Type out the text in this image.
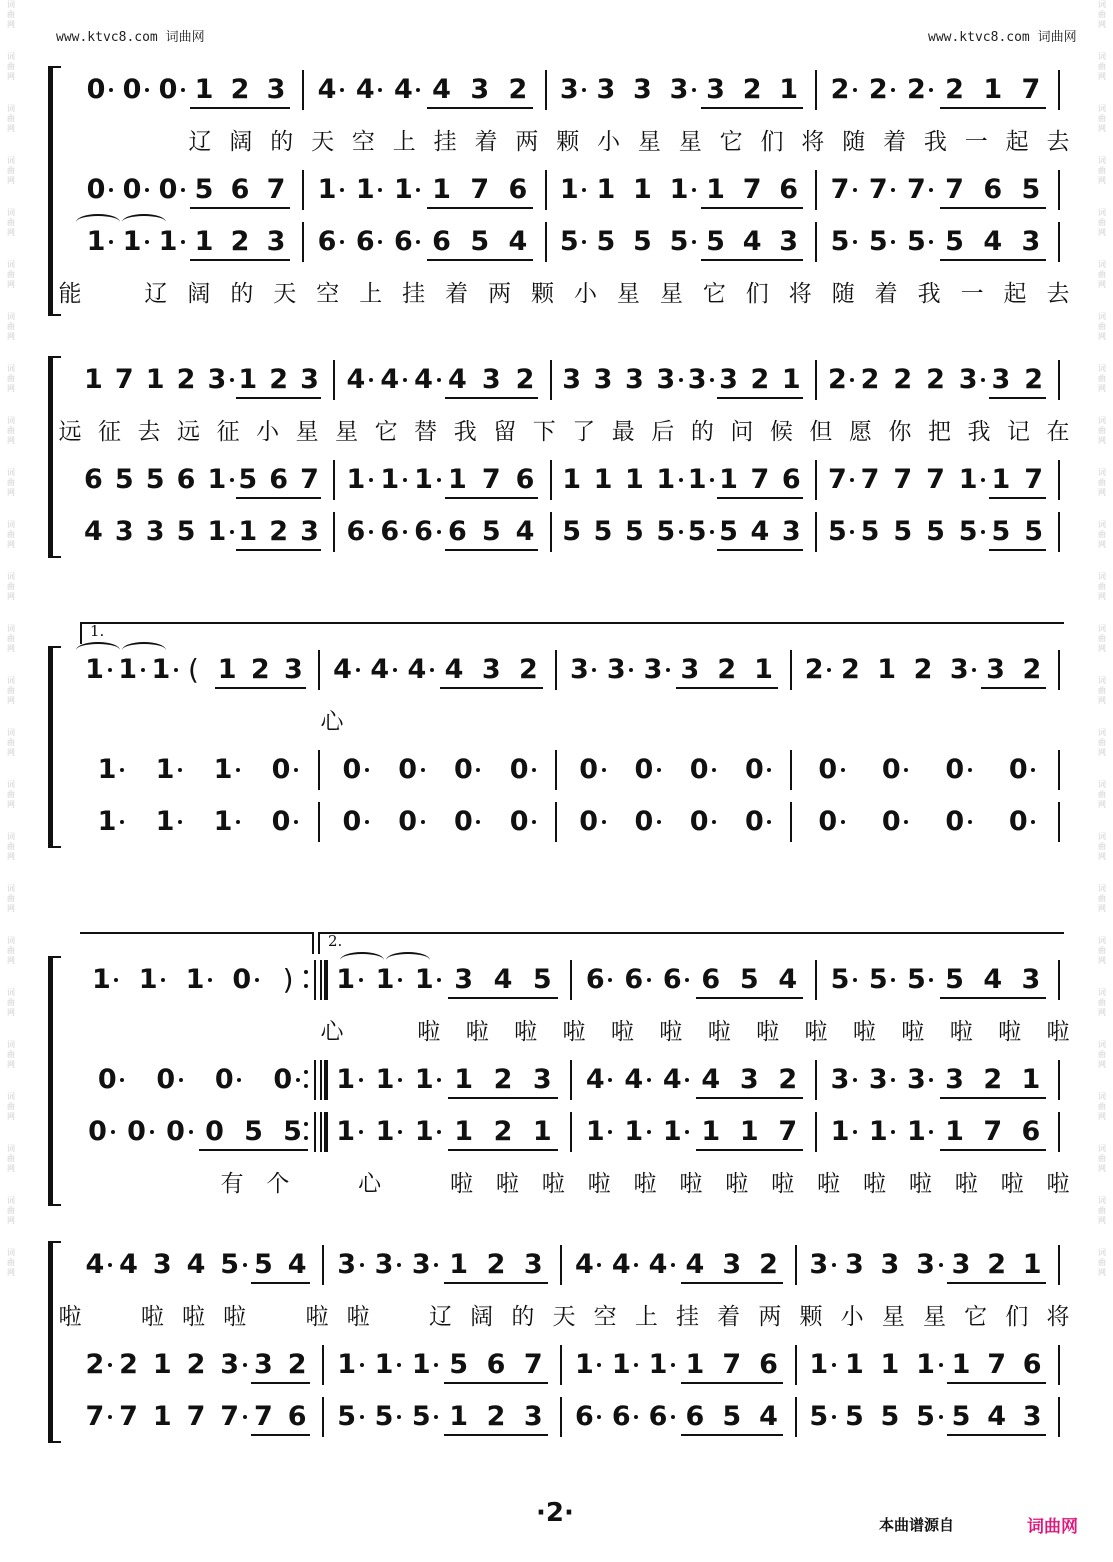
www.ktvc8.com 词曲网	www.ktvc8.com 词曲网
词
曲
网
词
曲
网
词
曲
网
词
曲
网
词
曲
网
词
曲
网
词
曲
网
词
曲
网
词
曲
网
词
曲
网
词
曲
网
词
曲
网
词
曲
网
词
曲
网
词
曲
网
词
曲
网
词
曲
网
词
曲
网
词
曲
网
词
曲
网
词
曲
网
词
曲
网
词
曲
网
词
曲
网
词
曲
网
词
曲
网
词
曲
网
词
曲
网
词
曲
网
词
曲
网
词
曲
网
词
曲
网
词
曲
网
词
曲
网
词
曲
网
词
曲
网
词
曲
网
词
曲
网
词
曲
网
词
曲
网
词
曲
网
词
曲
网
词
曲
网
词
曲
网
词
曲
网
词
曲
网
词
曲
网
词
曲
网
词
曲
网
词
曲
网
0 0 0 1 2 3 4 4 4 4 3 2 3 3 3 3 3 2 1 2 2 2 2 1 7
辽 阔 的 天 空 上 挂 着 两 颗 小 星 星 它 们 将 随 着 我 一 起 去
0 0 0 5 6 7 1 1 1 1 7 6 1 1 1 1 1 7 6 7 7 7 7 6 5
1 1 1 1 2 3 6 6 6 6 5 4 5 5 5 5 5 4 3 5 5 5 5 4 3
能	辽 阔 的 天 空 上 挂 着 两 颗 小 星 星 它 们 将 随 着 我 一 起 去
1 7 1 2 3 1 2 3 4 4 4 4 3 2 3 3 3 3 3 3 2 1 2 2 2 2 3 3 2
远 征 去 远 征 小 星 星 它 替 我 留 下 了 最 后 的 问 候 但 愿 你 把 我 记 在
6 5 5 6 1 5 6 7 1 1 1 1 7 6 1 1 1 1 1 1 7 6 7 7 7 7 1 1 7
4 3 3 5 1 1 2 3 6 6 6 6 5 4 5 5 5 5 5 5 4 3 5 5 5 5 5 5 5
1.
1 1 1 ( 1 2 3 4 4 4 4 3 2 3 3 3 3 2 1 2 2 1 2 3 3 2
心
1 1 1 0 0 0 0 0 0 0 0 0 0 0 0 0
1 1 1 0 0 0 0 0 0 0 0 0 0 0 0 0
2.
1 1 1 0 ) 1 1 1 3 4 5 6 6 6 6 5 4 5 5 5 5 4 3
心	啦 啦 啦 啦 啦 啦 啦 啦 啦 啦 啦 啦 啦 啦
0 0 0 0 1 1 1 1 2 3 4 4 4 4 3 2 3 3 3 3 2 1
0 0 0 0 5 5 1 1 1 1 2 1 1 1 1 1 1 7 1 1 1 1 7 6
有 个	心	啦 啦 啦 啦 啦 啦 啦 啦 啦 啦 啦 啦 啦 啦
4 4 3 4 5 5 4 3 3 3 1 2 3 4 4 4 4 3 2 3 3 3 3 3 2 1
啦	啦 啦 啦	啦 啦	辽 阔 的 天 空 上 挂 着 两 颗 小 星 星 它 们 将
2 2 1 2 3 3 2 1 1 1 5 6 7 1 1 1 1 7 6 1 1 1 1 1 7 6
7 7 1 7 7 7 6 5 5 5 1 2 3 6 6 6 6 5 4 5 5 5 5 5 4 3
·2·	本曲谱源自	词曲网
